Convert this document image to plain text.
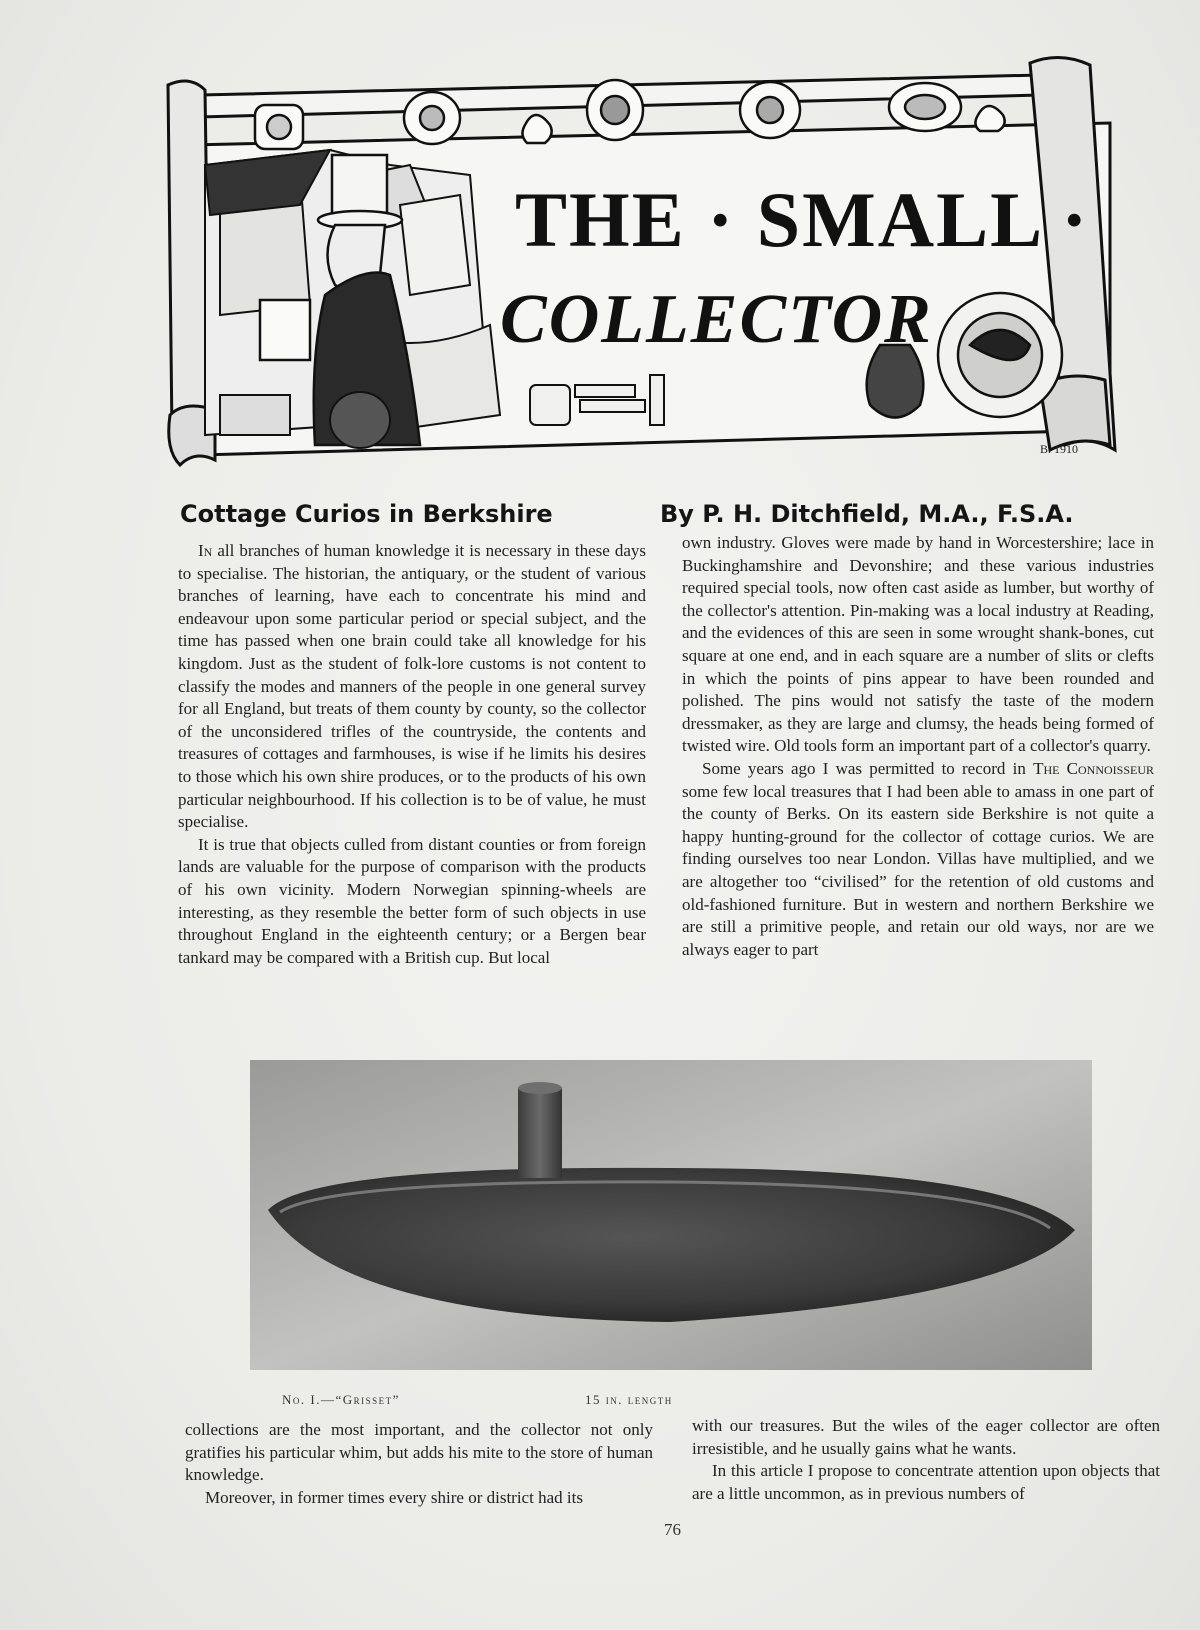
B. 1910
THE · SMALL ·
COLLECTOR
Cottage Curios in Berkshire	By P. H. Ditchfield, M.A., F.S.A.

In all branches of human knowledge it is necessary in these days to specialise. The historian, the antiquary, or the student of various branches of learning, have each to concentrate his mind and endeavour upon some particular period or special subject, and the time has passed when one brain could take all knowledge for his kingdom. Just as the student of folk-lore customs is not content to classify the modes and manners of the people in one general survey for all England, but treats of them county by county, so the collector of the unconsidered trifles of the countryside, the contents and treasures of cottages and farmhouses, is wise if he limits his desires to those which his own shire produces, or to the products of his own particular neighbourhood. If his collection is to be of value, he must specialise.

It is true that objects culled from distant counties or from foreign lands are valuable for the purpose of comparison with the products of his own vicinity. Modern Norwegian spinning-wheels are interesting, as they resemble the better form of such objects in use throughout England in the eighteenth century; or a Bergen bear tankard may be compared with a British cup. But local

own industry. Gloves were made by hand in Worcestershire; lace in Buckinghamshire and Devonshire; and these various industries required special tools, now often cast aside as lumber, but worthy of the collector's attention. Pin-making was a local industry at Reading, and the evidences of this are seen in some wrought shank-bones, cut square at one end, and in each square are a number of slits or clefts in which the points of pins appear to have been rounded and polished. The pins would not satisfy the taste of the modern dressmaker, as they are large and clumsy, the heads being formed of twisted wire. Old tools form an important part of a collector's quarry.

Some years ago I was permitted to record in The Connoisseur some few local treasures that I had been able to amass in one part of the county of Berks. On its eastern side Berkshire is not quite a happy hunting-ground for the collector of cottage curios. We are finding ourselves too near London. Villas have multiplied, and we are altogether too “civilised” for the retention of old customs and old-fashioned furniture. But in western and northern Berkshire we are still a primitive people, and retain our old ways, nor are we always eager to part

No. I.—“Grisset”	15 in. length

collections are the most important, and the collector not only gratifies his particular whim, but adds his mite to the store of human knowledge.

Moreover, in former times every shire or district had its

with our treasures. But the wiles of the eager collector are often irresistible, and he usually gains what he wants.

In this article I propose to concentrate attention upon objects that are a little uncommon, as in previous numbers of

76
